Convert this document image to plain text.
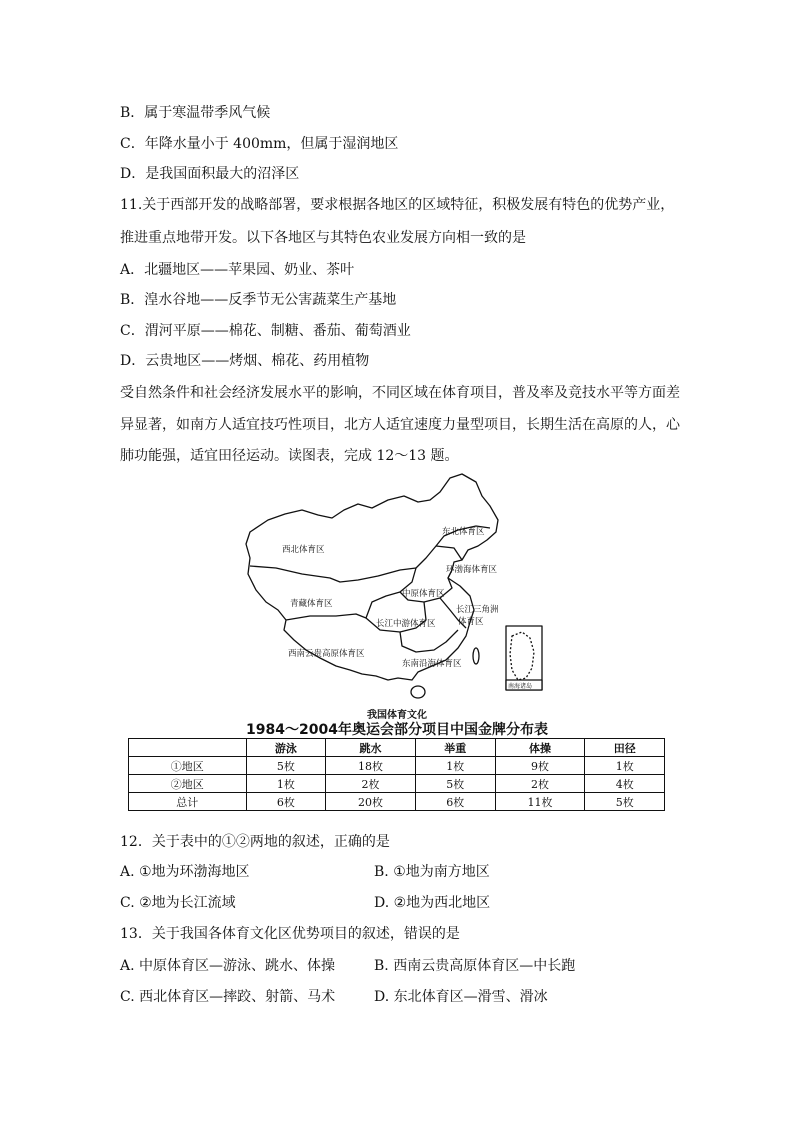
B．属于寒温带季风气候
C．年降水量小于 400mm，但属于湿润地区
D．是我国面积最大的沼泽区
11.关于西部开发的战略部署，要求根据各地区的区域特征，积极发展有特色的优势产业，
推进重点地带开发。以下各地区与其特色农业发展方向相一致的是
A．北疆地区——苹果园、奶业、茶叶
B．湟水谷地——反季节无公害蔬菜生产基地
C．渭河平原——棉花、制糖、番茄、葡萄酒业
D．云贵地区——烤烟、棉花、药用植物
受自然条件和社会经济发展水平的影响，不同区域在体育项目，普及率及竞技水平等方面差
异显著，如南方人适宜技巧性项目，北方人适宜速度力量型项目，长期生活在高原的人，心
肺功能强，适宜田径运动。读图表，完成 12～13 题。
西北体育区
东北体育区
环渤海体育区
青藏体育区
中原体育区
长江中游体育区
长江三角洲
体育区
西南云贵高原体育区
东南沿海体育区
南海诸岛
我国体育文化
1984～2004年奥运会部分项目中国金牌分布表
	游泳	跳水	举重	体操	田径
①地区	5枚	18枚	1枚	9枚	1枚
②地区	1枚	2枚	5枚	2枚	4枚
总计	6枚	20枚	6枚	11枚	5枚
12．关于表中的①②两地的叙述，正确的是
A. ①地为环渤海地区	B. ①地为南方地区
C. ②地为长江流域	D. ②地为西北地区
13．关于我国各体育文化区优势项目的叙述，错误的是
A. 中原体育区—游泳、跳水、体操	B. 西南云贵高原体育区—中长跑
C. 西北体育区—摔跤、射箭、马术	D. 东北体育区—滑雪、滑冰
